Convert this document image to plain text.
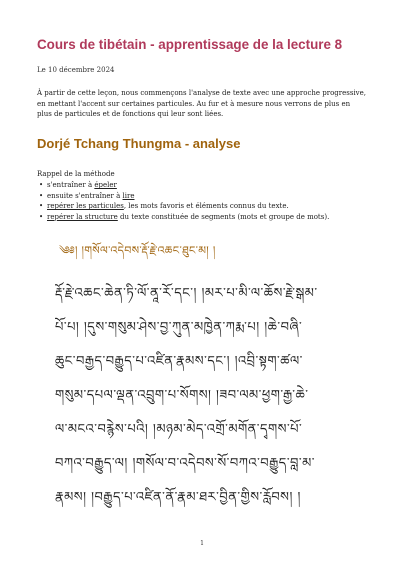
Cours de tibétain - apprentissage de la lecture 8
Le 10 décembre 2024
À partir de cette leçon, nous commençons l'analyse de texte avec une approche progressive, en mettant l'accent sur certaines particules. Au fur et à mesure nous verrons de plus en plus de particules et de fonctions qui leur sont liées.
Dorjé Tchang Thungma - analyse
Rappel de la méthode
• s'entraîner à épeler
• ensuite s'entraîner à lire
• repérer les particules, les mots favoris et éléments connus du texte.
• repérer la structure du texte constituée de segments (mots et groupe de mots).
༄༅། །གསོལ་འདེབས་རྡོ་རྗེ་འཆང་ཐུང་མ། །
རྡོ་རྗེ་འཆང་ཆེན་ཏི་ལོ་ནཱ་རོ་དང་། །མར་པ་མི་ལ་ཆོས་རྗེ་སྒམ་
པོ་པ། །དུས་གསུམ་ཤེས་བྱ་ཀུན་མཁྱེན་ཀརྨ་པ། །ཆེ་བཞི་
ཆུང་བརྒྱད་བརྒྱུད་པ་འཛིན་རྣམས་དང་། །འབྲི་སྟག་ཚལ་
གསུམ་དཔལ་ལྡན་འབྲུག་པ་སོགས། །ཟབ་ལམ་ཕྱག་རྒྱ་ཆེ་
ལ་མངའ་བརྙེས་པའི། །མཉམ་མེད་འགྲོ་མགོན་དྭགས་པོ་
བཀའ་བརྒྱུད་ལ། །གསོལ་བ་འདེབས་སོ་བཀའ་བརྒྱུད་བླ་མ་
རྣམས། །བརྒྱུད་པ་འཛིན་ནོ་རྣམ་ཐར་བྱིན་གྱིས་རློབས། །
1
